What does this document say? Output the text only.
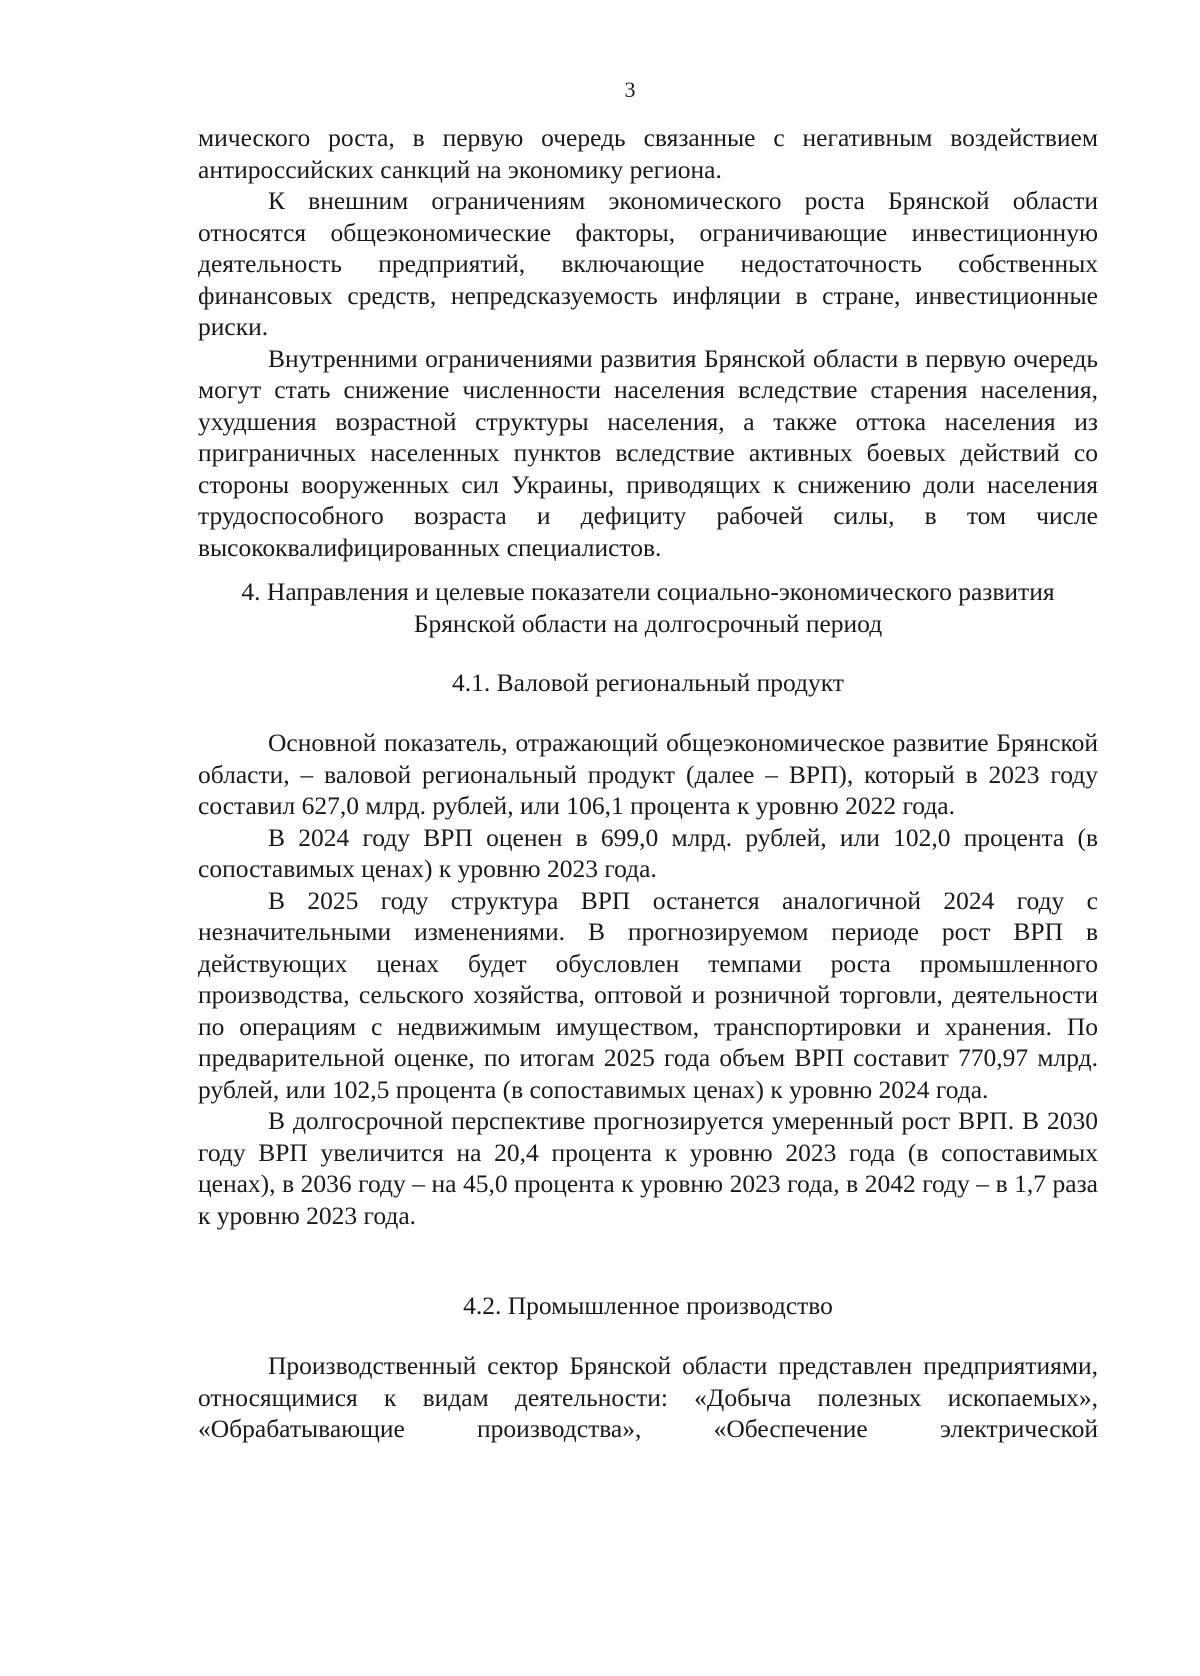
3

мического роста, в первую очередь связанные с негативным воздействием антироссийских санкций на экономику региона.

К внешним ограничениям экономического роста Брянской области относятся общеэкономические факторы, ограничивающие инвестиционную деятельность предприятий, включающие недостаточность собственных финансовых средств, непредсказуемость инфляции в стране, инвестиционные риски.

Внутренними ограничениями развития Брянской области в первую очередь могут стать снижение численности населения вследствие старения населения, ухудшения возрастной структуры населения, а также оттока населения из приграничных населенных пунктов вследствие активных боевых действий со стороны вооруженных сил Украины, приводящих к снижению доли населения трудоспособного возраста и дефициту рабочей силы, в том числе высококвалифицированных специалистов.

4. Направления и целевые показатели социально-экономического развития
Брянской области на долгосрочный период
4.1. Валовой региональный продукт

Основной показатель, отражающий общеэкономическое развитие Брянской области, – валовой региональный продукт (далее – ВРП), который в 2023 году составил 627,0 млрд. рублей, или 106,1 процента к уровню 2022 года.

В 2024 году ВРП оценен в 699,0 млрд. рублей, или 102,0 процента (в сопоставимых ценах) к уровню 2023 года.

В 2025 году структура ВРП останется аналогичной 2024 году с незначительными изменениями. В прогнозируемом периоде рост ВРП в действующих ценах будет обусловлен темпами роста промышленного производства, сельского хозяйства, оптовой и розничной торговли, деятельности по операциям с недвижимым имуществом, транспортировки и хранения. По предварительной оценке, по итогам 2025 года объем ВРП составит 770,97 млрд. рублей, или 102,5 процента (в сопоставимых ценах) к уровню 2024 года.

В долгосрочной перспективе прогнозируется умеренный рост ВРП. В 2030 году ВРП увеличится на 20,4 процента к уровню 2023 года (в сопоставимых ценах), в 2036 году – на 45,0 процента к уровню 2023 года, в 2042 году – в 1,7 раза к уровню 2023 года.

4.2. Промышленное производство

Производственный сектор Брянской области представлен предприятиями, относящимися к видам деятельности: «Добыча полезных ископаемых», «Обрабатывающие производства», «Обеспечение электрической
